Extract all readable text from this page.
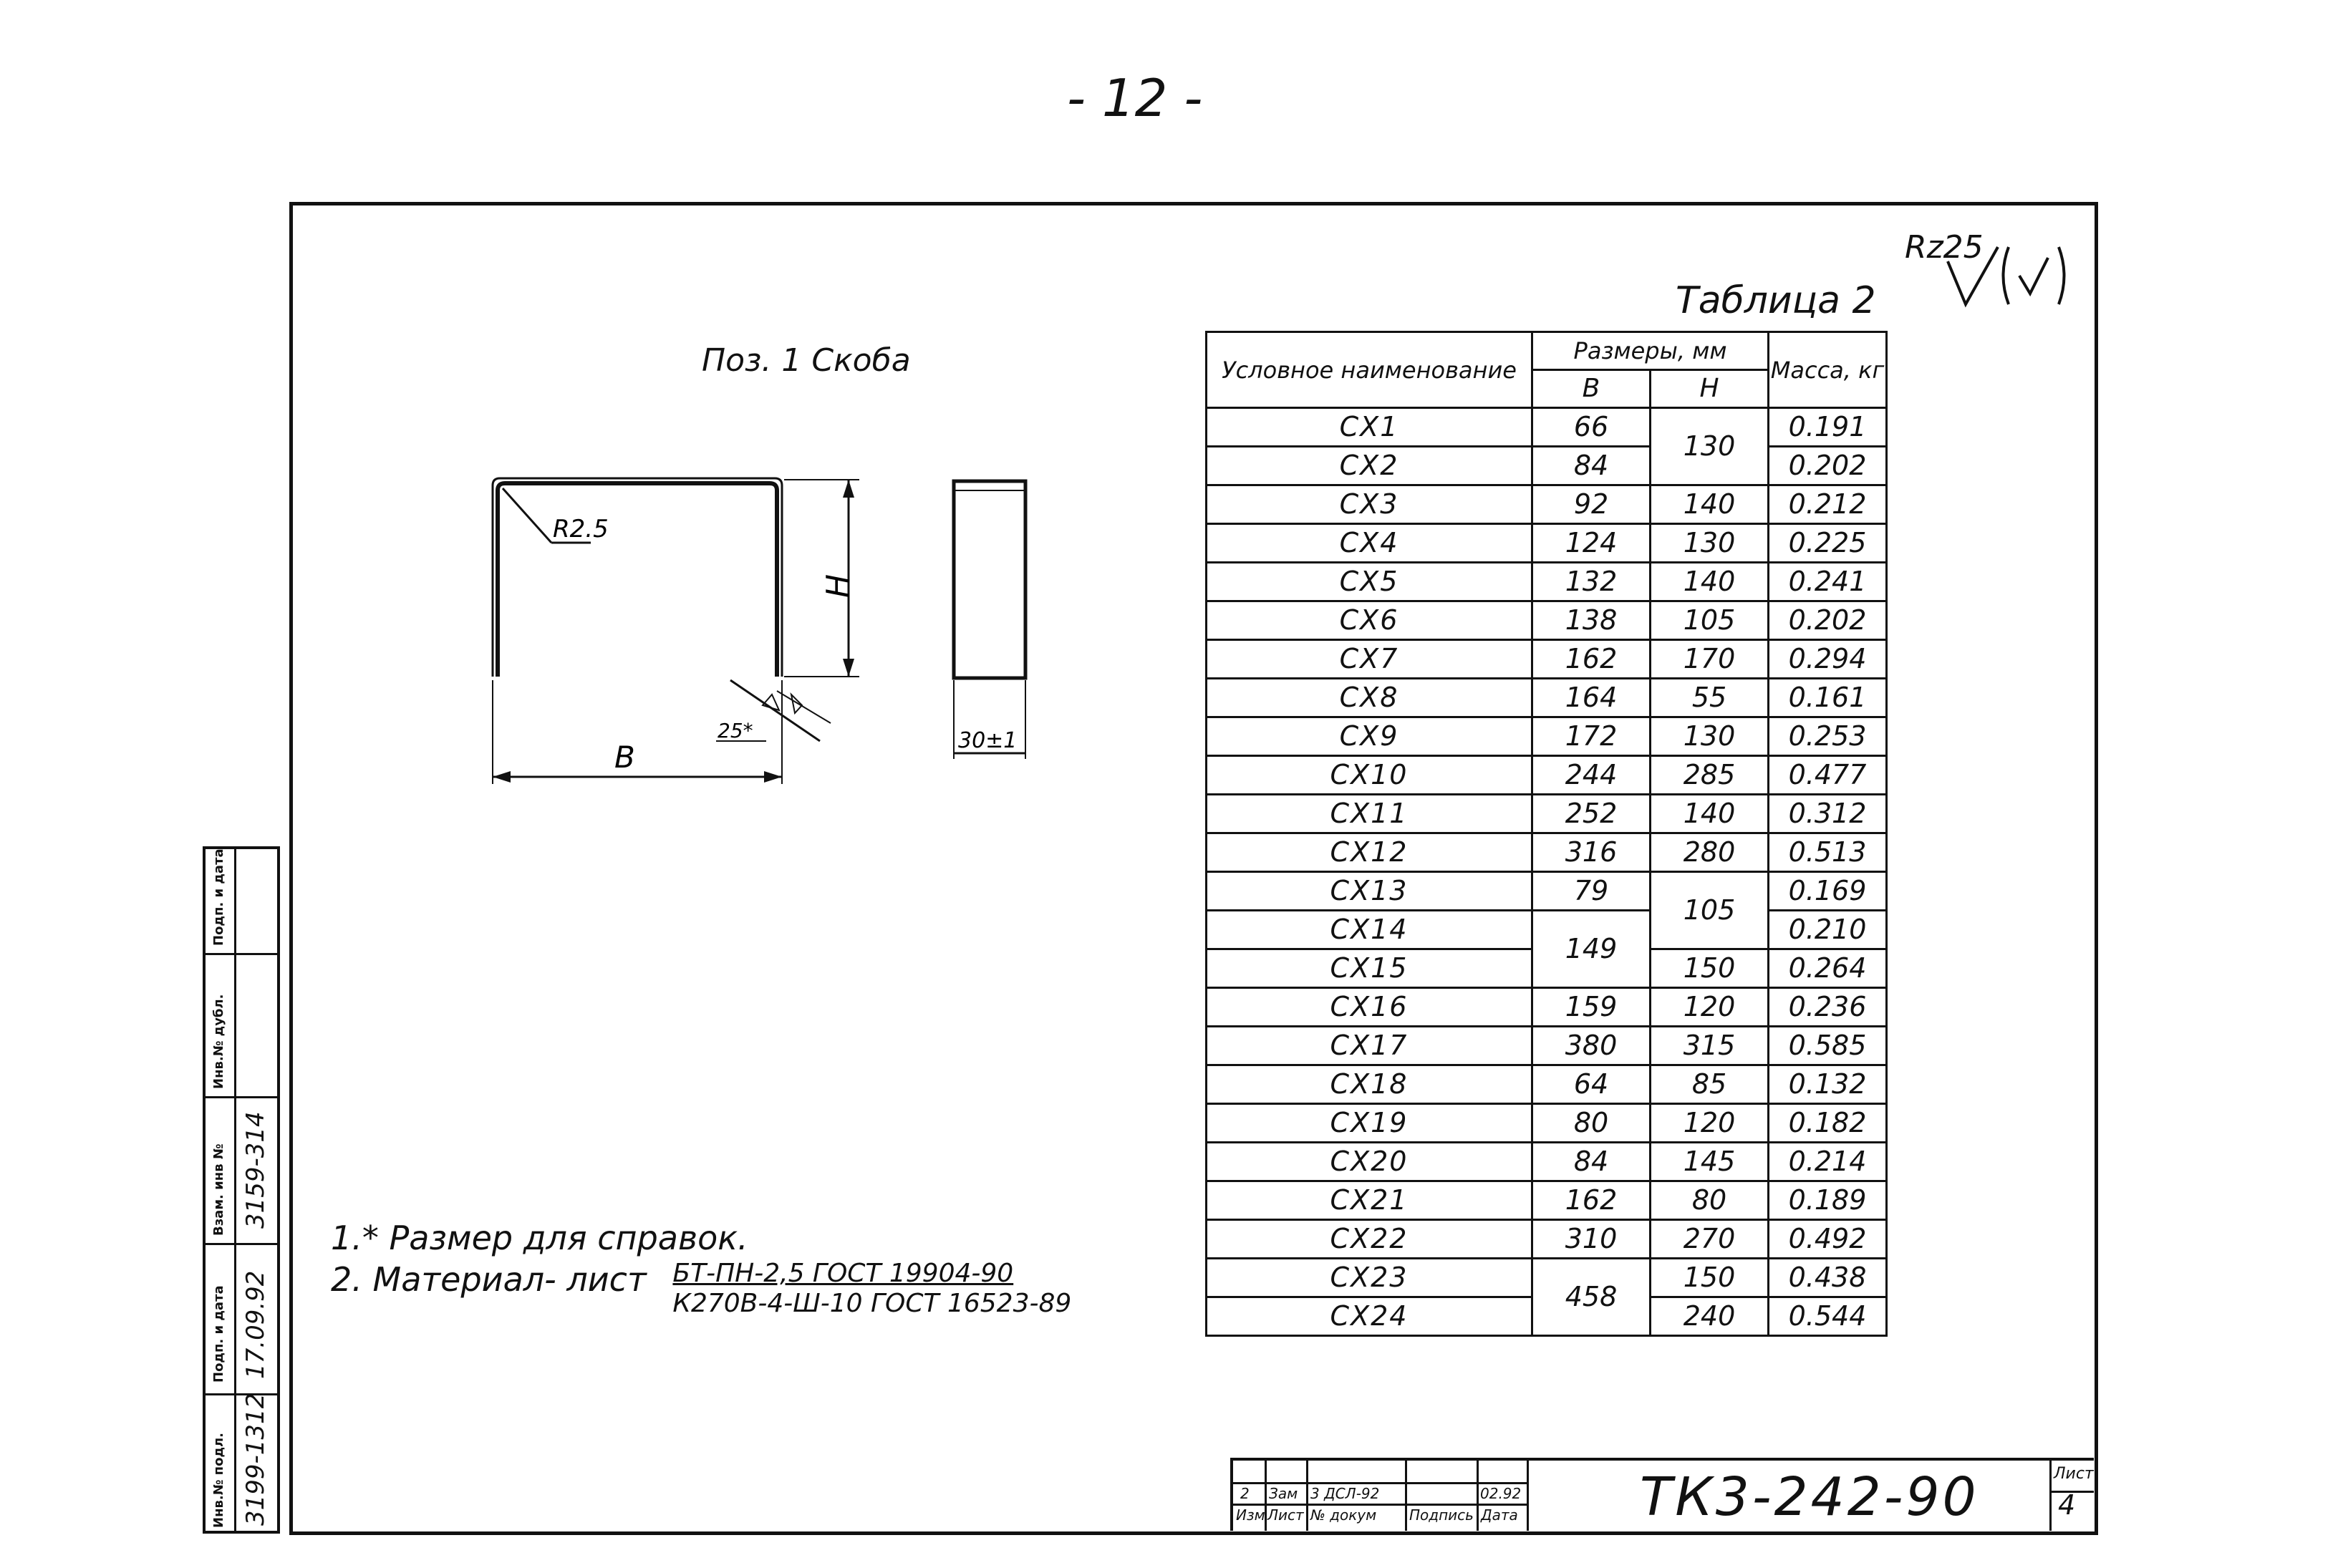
- 12 -
Rz25
Таблица 2
Поз. 1 Скоба
R2.5
H
B
25*	30±1
Условное наименование	Размеры, мм		Масса, кг
	В	Н	
СХ1	66	130	0.191
СХ2	84		0.202
СХ3	92	140	0.212
СХ4	124	130	0.225
СХ5	132	140	0.241
СХ6	138	105	0.202
СХ7	162	170	0.294
СХ8	164	55	0.161
СХ9	172	130	0.253
СХ10	244	285	0.477
СХ11	252	140	0.312
СХ12	316	280	0.513
СХ13	79	105	0.169
СХ14	149		0.210
СХ15		150	0.264
СХ16	159	120	0.236
СХ17	380	315	0.585
СХ18	64	85	0.132
СХ19	80	120	0.182
СХ20	84	145	0.214
СХ21	162	80	0.189
СХ22	310	270	0.492
СХ23	458	150	0.438
СХ24		240	0.544
1.* Размер для справок.
2. Материал- лист БТ-ПН-2,5 ГОСТ 19904-90
К270В-4-Ш-10 ГОСТ 16523-89
Инв.№ подл.
Подп. и дата
Взам. инв №
Инв.№ дубл.
Подп. и дата
3199-1312
17.09.92
3159-314
2 Зам 3 ДСЛ-92	02.92
Изм Лист № докум Подпись Дата ТК3-242-90	Лист
4
